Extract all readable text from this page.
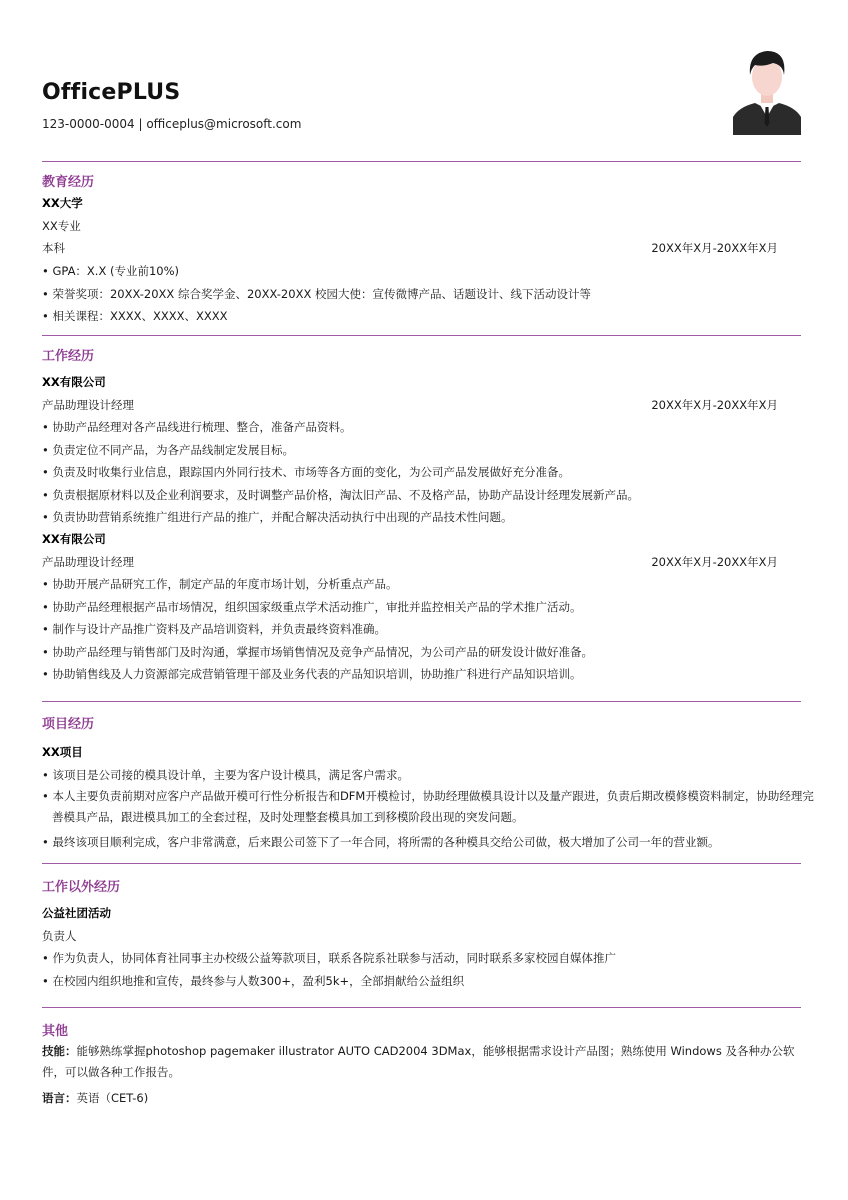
OfficePLUS
123-0000-0004 | officeplus@microsoft.com
教育经历
XX大学
XX专业
本科	20XX年X月-20XX年X月
• GPA：X.X (专业前10%)
• 荣誉奖项：20XX-20XX 综合奖学金、20XX-20XX 校园大使：宣传微博产品、话题设计、线下活动设计等
• 相关课程：XXXX、XXXX、XXXX
工作经历
XX有限公司
产品助理设计经理	20XX年X月-20XX年X月
• 协助产品经理对各产品线进行梳理、整合，准备产品资料。
• 负责定位不同产品，为各产品线制定发展目标。
• 负责及时收集行业信息，跟踪国内外同行技术、市场等各方面的变化，为公司产品发展做好充分准备。
• 负责根据原材料以及企业利润要求，及时调整产品价格，淘汰旧产品、不及格产品，协助产品设计经理发展新产品。
• 负责协助营销系统推广组进行产品的推广，并配合解决活动执行中出现的产品技术性问题。
XX有限公司
产品助理设计经理	20XX年X月-20XX年X月
• 协助开展产品研究工作，制定产品的年度市场计划，分析重点产品。
• 协助产品经理根据产品市场情况，组织国家级重点学术活动推广，审批并监控相关产品的学术推广活动。
• 制作与设计产品推广资料及产品培训资料，并负责最终资料准确。
• 协助产品经理与销售部门及时沟通，掌握市场销售情况及竞争产品情况，为公司产品的研发设计做好准备。
• 协助销售线及人力资源部完成营销管理干部及业务代表的产品知识培训，协助推广科进行产品知识培训。
项目经历
XX项目
• 该项目是公司接的模具设计单，主要为客户设计模具，满足客户需求。
• 本人主要负责前期对应客户产品做开模可行性分析报告和DFM开模检讨，协助经理做模具设计以及量产跟进，负责后期改模修模资料制定，协助经理完善模具产品，跟进模具加工的全套过程，及时处理整套模具加工到移模阶段出现的突发问题。
• 最终该项目顺利完成，客户非常满意，后来跟公司签下了一年合同，将所需的各种模具交给公司做，极大增加了公司一年的营业额。
工作以外经历
公益社团活动
负责人
• 作为负责人，协同体育社同事主办校级公益筹款项目，联系各院系社联参与活动，同时联系多家校园自媒体推广
• 在校园内组织地推和宣传，最终参与人数300+，盈利5k+，全部捐献给公益组织
其他
技能：能够熟练掌握photoshop pagemaker illustrator AUTO CAD2004 3DMax，能够根据需求设计产品图；熟练使用 Windows 及各种办公软件，可以做各种工作报告。
语言：英语（CET-6)
